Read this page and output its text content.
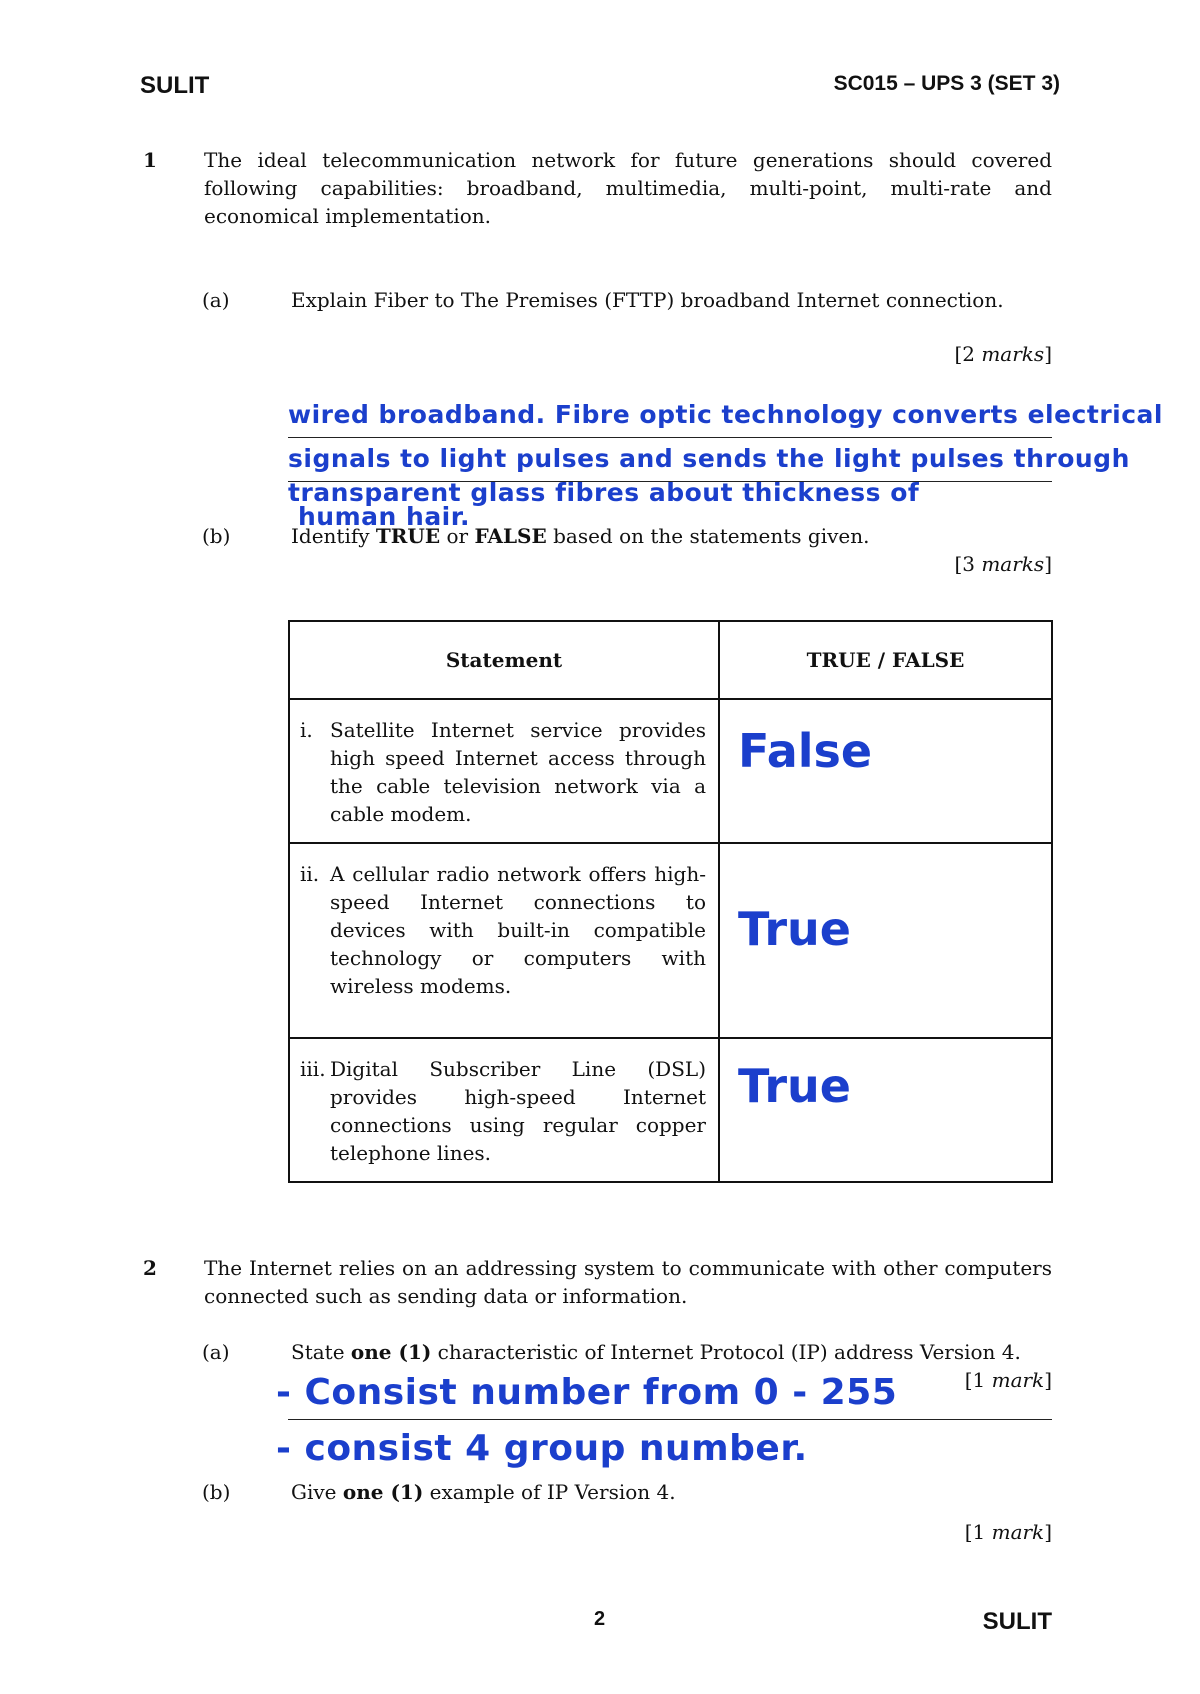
SULIT	SC015 – UPS 3 (SET 3)
1 The ideal telecommunication network for future generations should covered following capabilities: broadband, multimedia, multi-point, multi-rate and economical implementation.
(a)	Explain Fiber to The Premises (FTTP) broadband Internet connection.
[2 marks]
wired broadband. Fibre optic technology converts electrical
signals to light pulses and sends the light pulses through
transparent glass fibres about thickness of
human hair.
(b)	Identify TRUE or FALSE based on the statements given.
[3 marks]
Statement	TRUE / FALSE

i. Satellite Internet service provides high speed Internet access through the cable television network via a cable modem.	False

ii. A cellular radio network offers high-speed Internet connections to devices with built-in compatible technology or computers with wireless modems.	True

iii. Digital Subscriber Line (DSL) provides high-speed Internet connections using regular copper telephone lines.	True
2 The Internet relies on an addressing system to communicate with other computers connected such as sending data or information.
(a)	State one (1) characteristic of Internet Protocol (IP) address Version 4.
[1 mark]
- Consist number from 0 - 255
- consist 4 group number.
(b)	Give one (1) example of IP Version 4.
[1 mark]
2	SULIT
